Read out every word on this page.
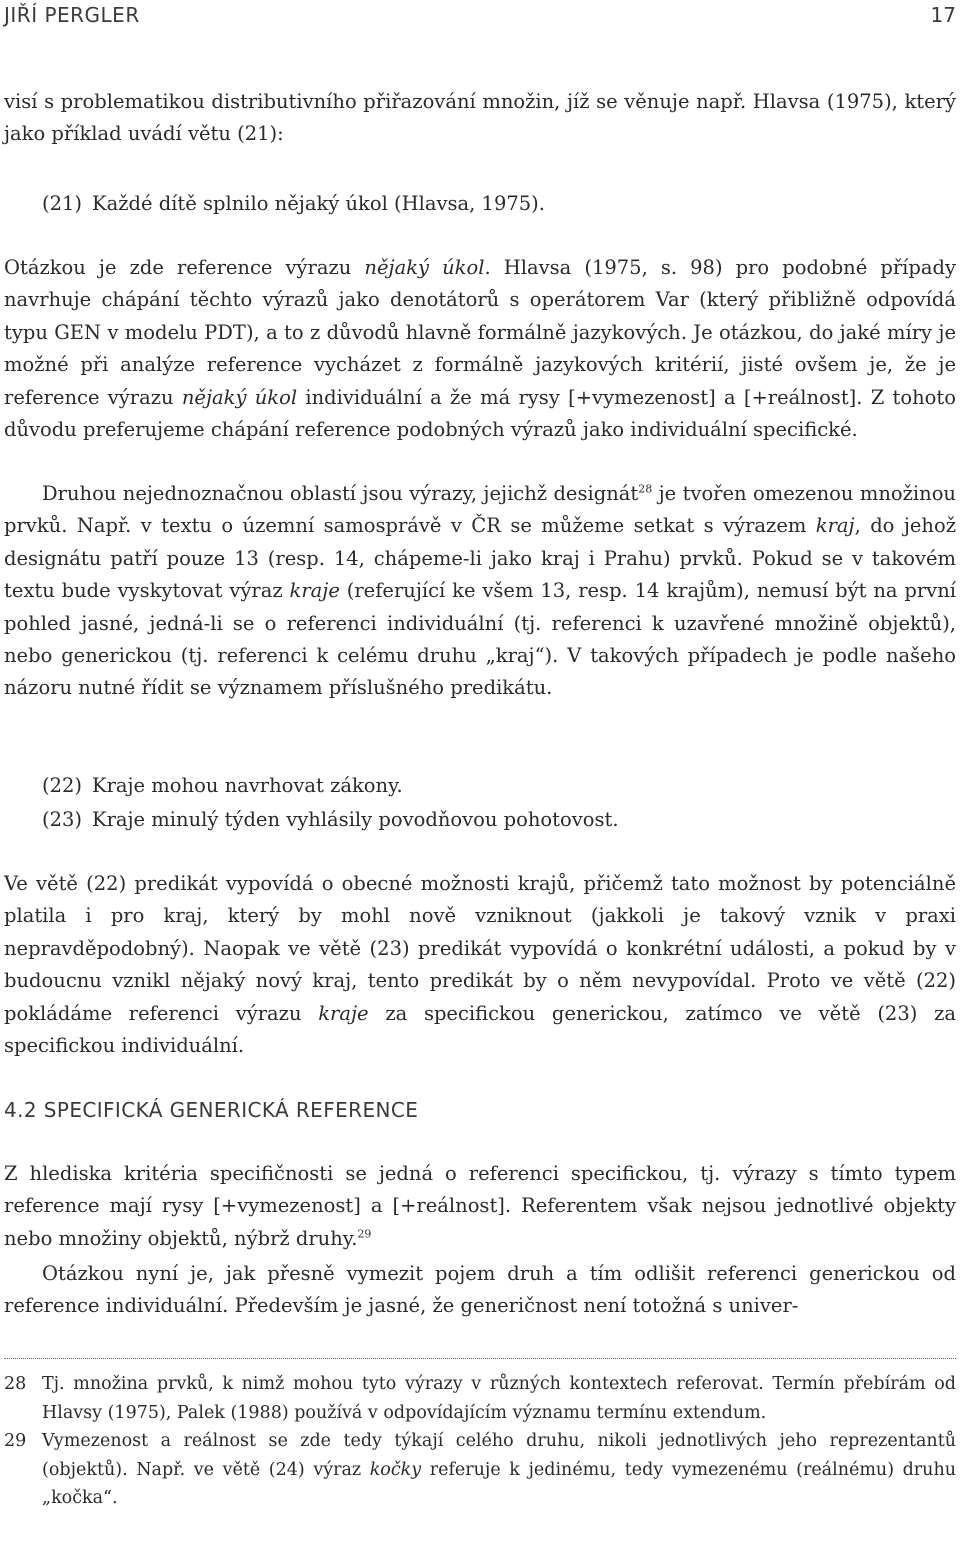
JIŘÍ PERGLER	17

visí s problematikou distributivního přiřazování množin, jíž se věnuje např. Hlavsa (1975), který jako příklad uvádí větu (21):

(21) Každé dítě splnilo nějaký úkol (Hlavsa, 1975).

Otázkou je zde reference výrazu nějaký úkol. Hlavsa (1975, s. 98) pro podobné případy navrhuje chápání těchto výrazů jako denotátorů s operátorem Var (který přibližně odpovídá typu GEN v modelu PDT), a to z důvodů hlavně formálně jazykových. Je otázkou, do jaké míry je možné při analýze reference vycházet z formálně jazykových kritérií, jisté ovšem je, že je reference výrazu nějaký úkol individuální a že má rysy [+vymezenost] a [+reálnost]. Z tohoto důvodu preferujeme chápání reference podobných výrazů jako individuální specifické.

Druhou nejednoznačnou oblastí jsou výrazy, jejichž designát$^{28}$ je tvořen omezenou množinou prvků. Např. v textu o územní samosprávě v ČR se můžeme setkat s výrazem kraj, do jehož designátu patří pouze 13 (resp. 14, chápeme-li jako kraj i Prahu) prvků. Pokud se v takovém textu bude vyskytovat výraz kraje (referující ke všem 13, resp. 14 krajům), nemusí být na první pohled jasné, jedná-li se o referenci individuální (tj. referenci k uzavřené množině objektů), nebo generickou (tj. referenci k celému druhu „kraj“). V takových případech je podle našeho názoru nutné řídit se významem příslušného predikátu.

(22) Kraje mohou navrhovat zákony.
(23) Kraje minulý týden vyhlásily povodňovou pohotovost.

Ve větě (22) predikát vypovídá o obecné možnosti krajů, přičemž tato možnost by potenciálně platila i pro kraj, který by mohl nově vzniknout (jakkoli je takový vznik v praxi nepravděpodobný). Naopak ve větě (23) predikát vypovídá o konkrétní události, a pokud by v budoucnu vznikl nějaký nový kraj, tento predikát by o něm nevypovídal. Proto ve větě (22) pokládáme referenci výrazu kraje za specifickou generickou, zatímco ve větě (23) za specifickou individuální.

4.2 SPECIFICKÁ GENERICKÁ REFERENCE

Z hlediska kritéria specifičnosti se jedná o referenci specifickou, tj. výrazy s tímto typem reference mají rysy [+vymezenost] a [+reálnost]. Referentem však nejsou jednotlivé objekty nebo množiny objektů, nýbrž druhy.$^{29}$

Otázkou nyní je, jak přesně vymezit pojem druh a tím odlišit referenci generickou od reference individuální. Především je jasné, že generičnost není totožná s univer-

28 Tj. množina prvků, k nimž mohou tyto výrazy v různých kontextech referovat. Termín přebírám od Hlavsy (1975), Palek (1988) používá v odpovídajícím významu termínu extendum.
29 Vymezenost a reálnost se zde tedy týkají celého druhu, nikoli jednotlivých jeho reprezentantů (objektů). Např. ve větě (24) výraz kočky referuje k jedinému, tedy vymezenému (reálnému) druhu „kočka“.
